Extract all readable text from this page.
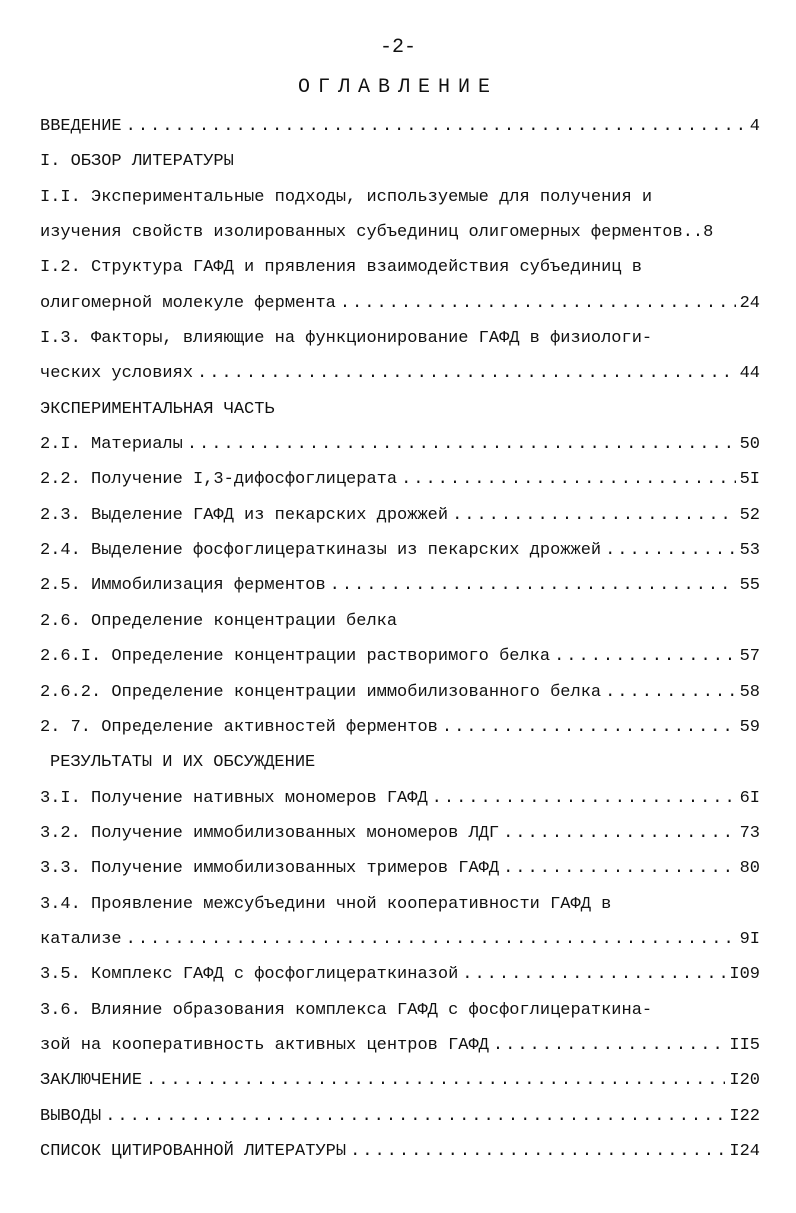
-2-
ОГЛАВЛЕНИЕ
ВВЕДЕНИЕ .....	4
I. ОБЗОР ЛИТЕРАТУРЫ
I.I. Экспериментальные подходы, используемые для получения и
изучения свойств изолированных субъединиц олигомерных ферментов. .8
I.2. Структура ГАФД и прявления взаимодействия субъединиц в
олигомерной молекуле фермента .....	24
I.3. Факторы, влияющие на функционирование ГАФД в физиологи-
ческих условиях .....	44
ЭКСПЕРИМЕНТАЛЬНАЯ ЧАСТЬ
2.I. Материалы .....	50
2.2. Получение I,3-дифосфоглицерата .....	5I
2.3. Выделение ГАФД из пекарских дрожжей .....	52
2.4. Выделение фосфоглицераткиназы из пекарских дрожжей .....	53
2.5. Иммобилизация ферментов .....	55
2.6. Определение концентрации белка
2.6.I. Определение концентрации растворимого белка .....	57
2.6.2. Определение концентрации иммобилизованного белка .....	58
2. 7. Определение активностей ферментов .....	59
РЕЗУЛЬТАТЫ И ИХ ОБСУЖДЕНИЕ
3.I. Получение нативных мономеров ГАФД .....	6I
3.2. Получение иммобилизованных мономеров ЛДГ .....	73
3.3. Получение иммобилизованных тримеров ГАФД .....	80
3.4. Проявление межсубъедини чной кооперативности ГАФД в
катализе .....	9I
3.5. Комплекс ГАФД с фосфоглицераткиназой .....	I09
3.6. Влияние образования комплекса ГАФД с фосфоглицераткина-
зой на кооперативность активных центров ГАФД .....	II5
ЗАКЛЮЧЕНИЕ .....	I20
ВЫВОДЫ .....	I22
СПИСОК ЦИТИРОВАННОЙ ЛИТЕРАТУРЫ .....	I24
